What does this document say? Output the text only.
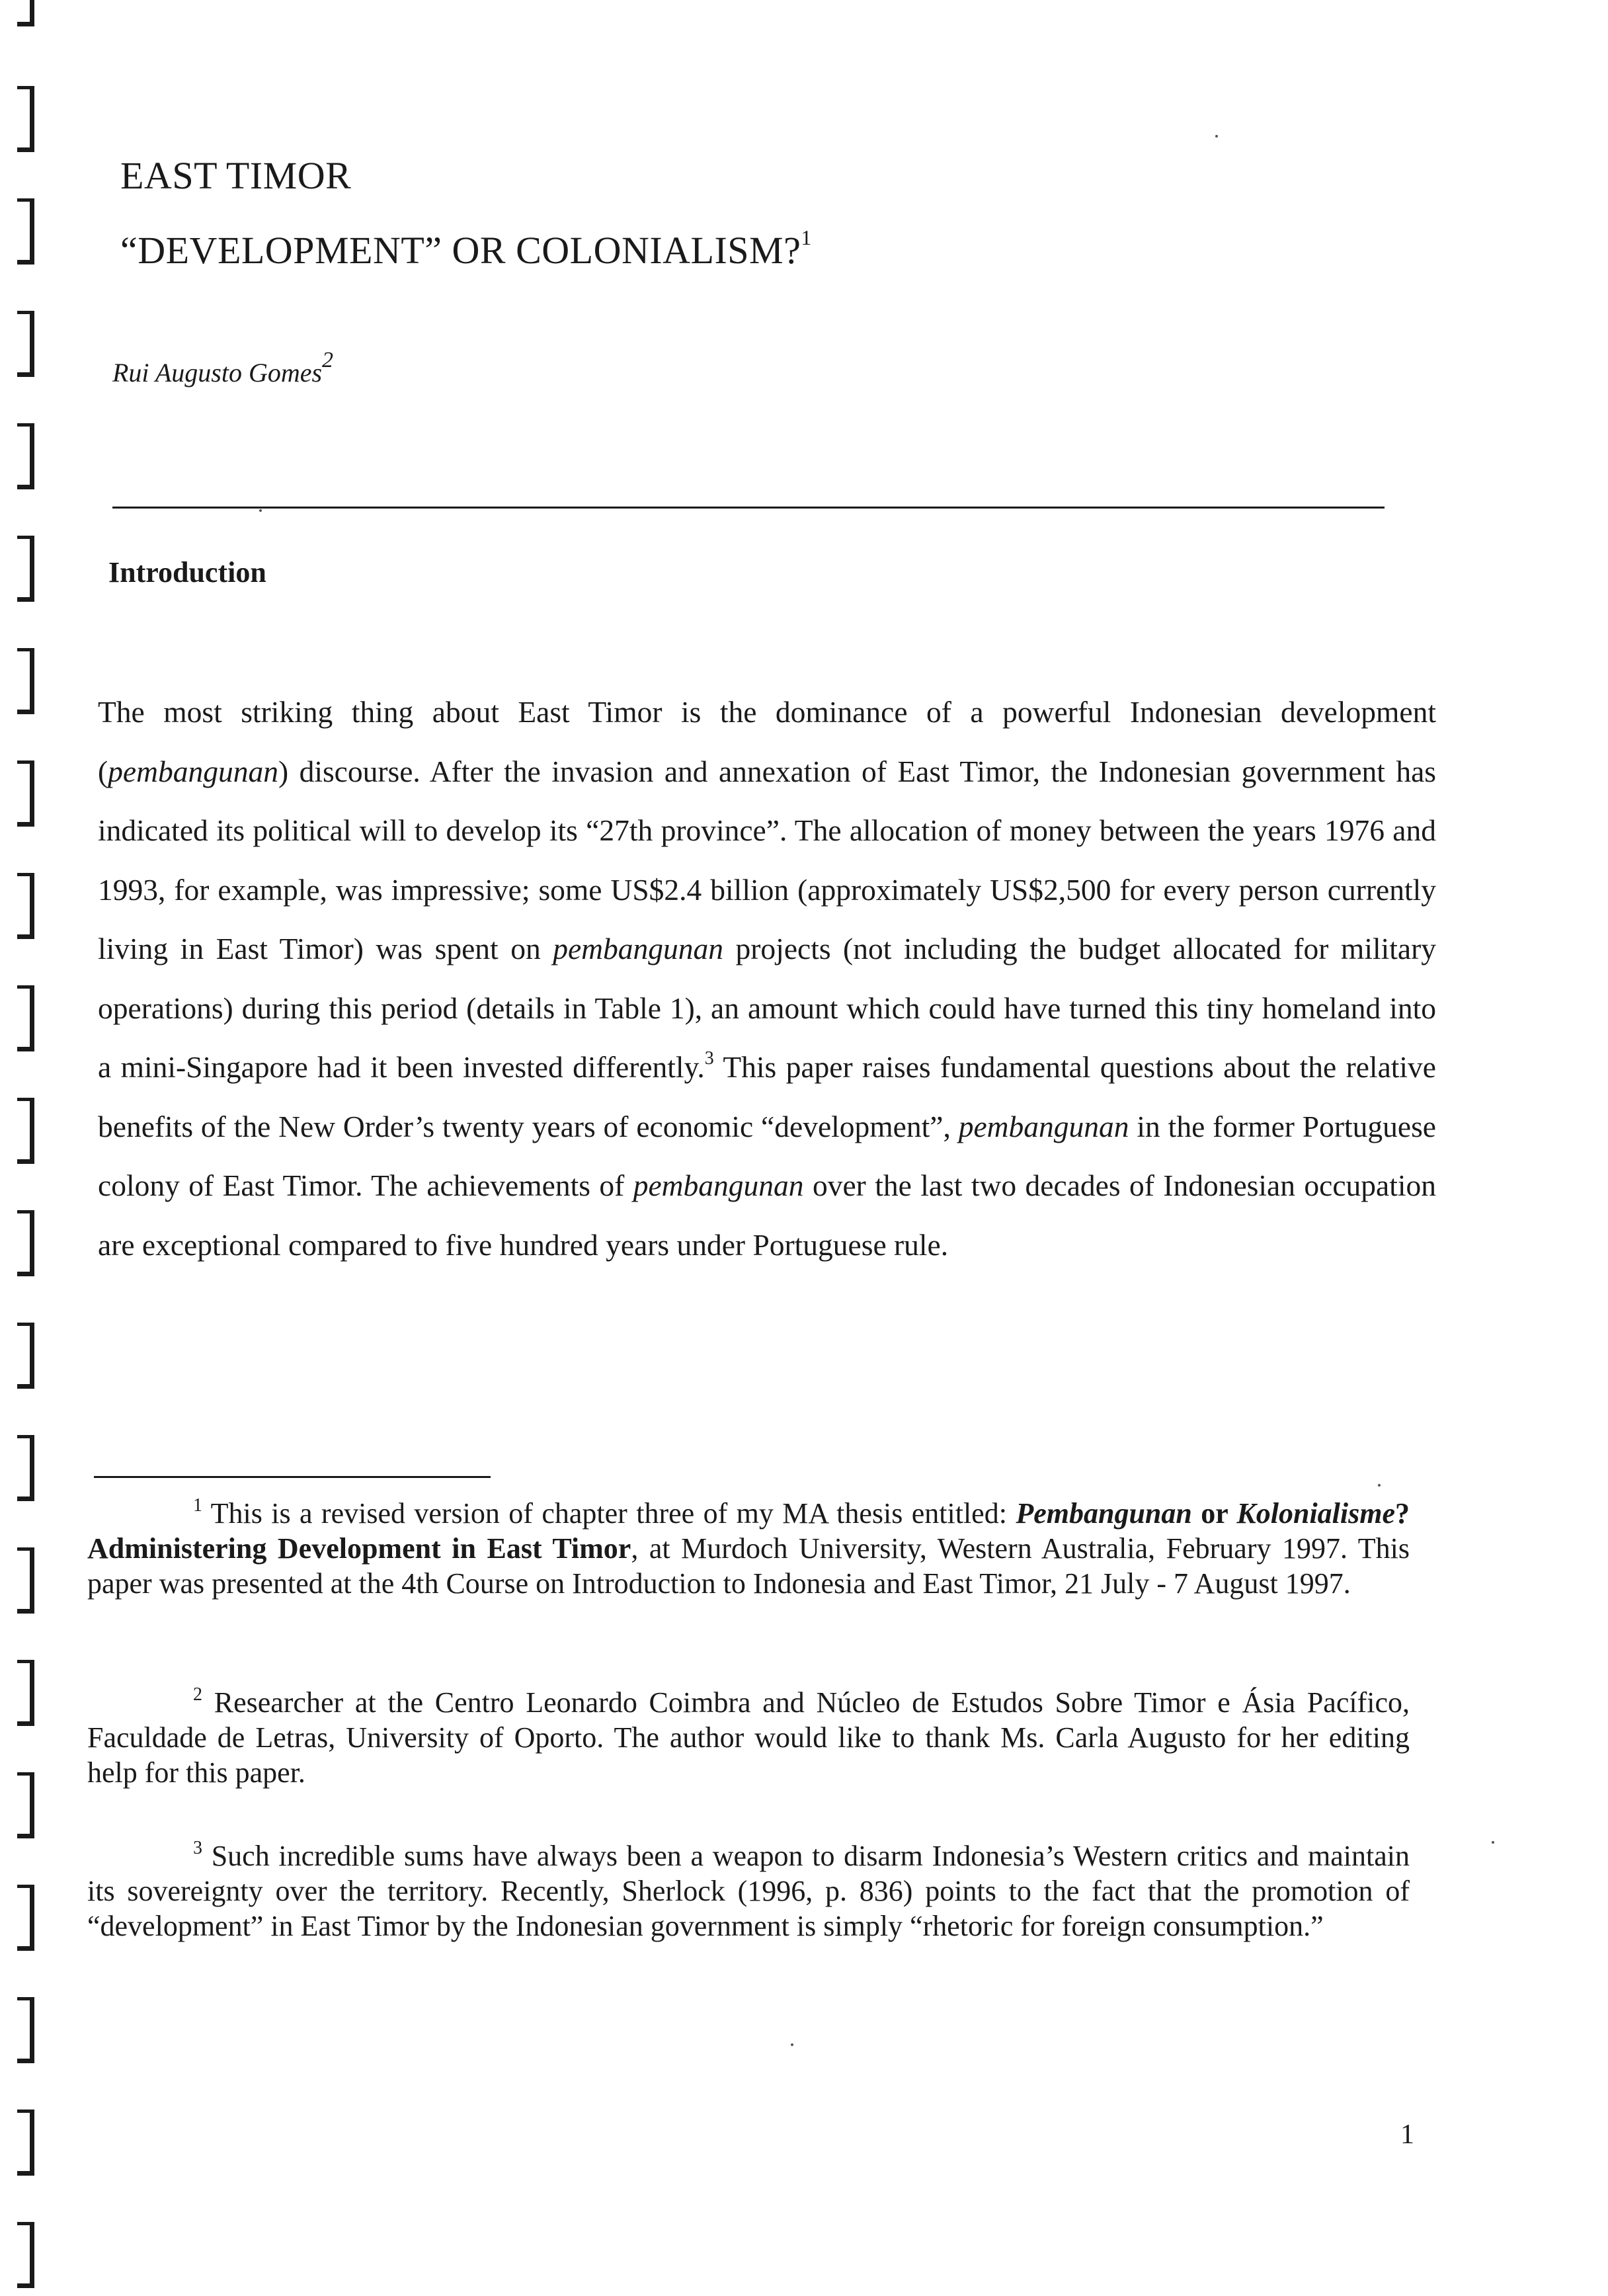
EAST TIMOR
“DEVELOPMENT” OR COLONIALISM?$^1$
Rui Augusto Gomes$^2$
Introduction

The most striking thing about East Timor is the dominance of a powerful Indonesian development (pembangunan) discourse. After the invasion and annexation of East Timor, the Indonesian government has indicated its political will to develop its “27th province”. The allocation of money between the years 1976 and 1993, for example, was impressive; some US$2.4 billion (approximately US$2,500 for every person currently living in East Timor) was spent on pembangunan projects (not including the budget allocated for military operations) during this period (details in Table 1), an amount which could have turned this tiny homeland into a mini-Singapore had it been invested differently.$^3$ This paper raises fundamental questions about the relative benefits of the New Order’s twenty years of economic “development”, pembangunan in the former Portuguese colony of East Timor. The achievements of pembangunan over the last two decades of Indonesian occupation are exceptional compared to five hundred years under Portuguese rule.

$^1$ This is a revised version of chapter three of my MA thesis entitled: Pembangunan or Kolonialisme? Administering Development in East Timor, at Murdoch University, Western Australia, February 1997. This paper was presented at the 4th Course on Introduction to Indonesia and East Timor, 21 July - 7 August 1997.

$^2$ Researcher at the Centro Leonardo Coimbra and Núcleo de Estudos Sobre Timor e Ásia Pacífico, Faculdade de Letras, University of Oporto. The author would like to thank Ms. Carla Augusto for her editing help for this paper.

$^3$ Such incredible sums have always been a weapon to disarm Indonesia’s Western critics and maintain its sovereignty over the territory. Recently, Sherlock (1996, p. 836) points to the fact that the promotion of “development” in East Timor by the Indonesian government is simply “rhetoric for foreign consumption.”

1
